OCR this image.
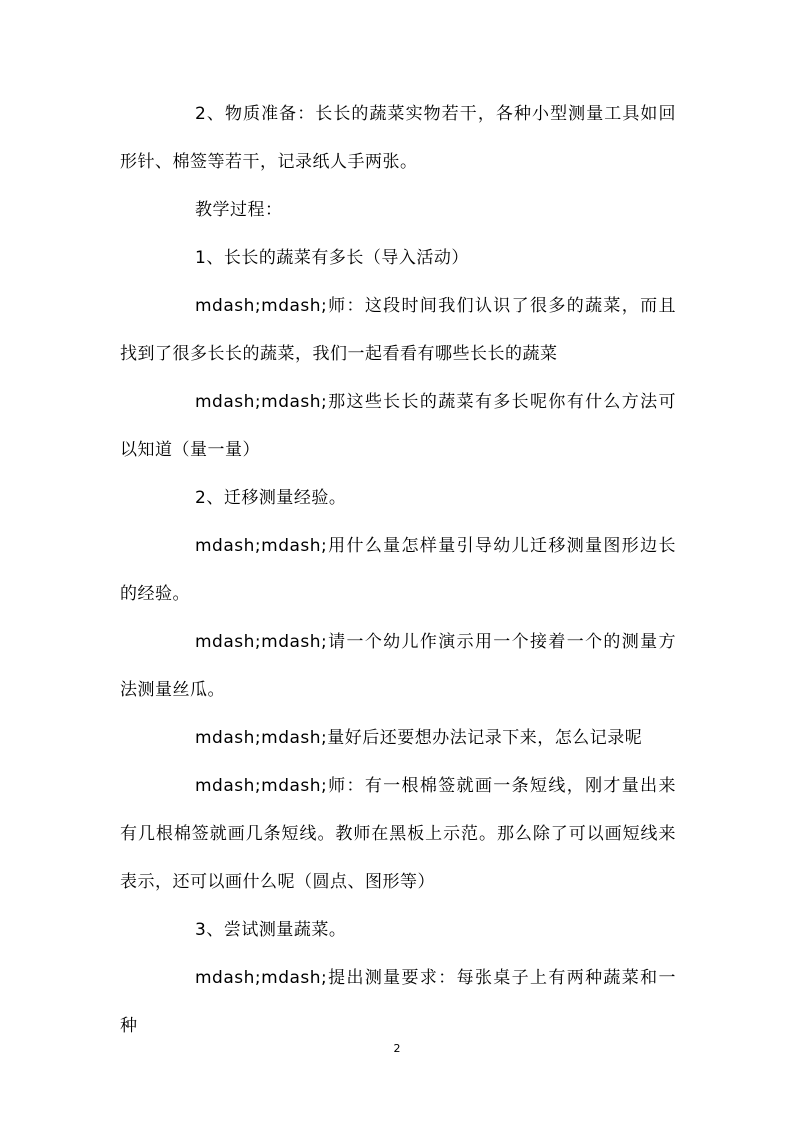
2、物质准备：长长的蔬菜实物若干，各种小型测量工具如回形针、棉签等若干，记录纸人手两张。

教学过程：

1、长长的蔬菜有多长（导入活动）

mdash;mdash;师：这段时间我们认识了很多的蔬菜，而且找到了很多长长的蔬菜，我们一起看看有哪些长长的蔬菜

mdash;mdash;那这些长长的蔬菜有多长呢你有什么方法可以知道（量一量）

2、迁移测量经验。

mdash;mdash;用什么量怎样量引导幼儿迁移测量图形边长的经验。

mdash;mdash;请一个幼儿作演示用一个接着一个的测量方法测量丝瓜。

mdash;mdash;量好后还要想办法记录下来，怎么记录呢

mdash;mdash;师：有一根棉签就画一条短线，刚才量出来有几根棉签就画几条短线。教师在黑板上示范。那么除了可以画短线来表示，还可以画什么呢（圆点、图形等）

3、尝试测量蔬菜。

mdash;mdash;提出测量要求：每张桌子上有两种蔬菜和一种

2
